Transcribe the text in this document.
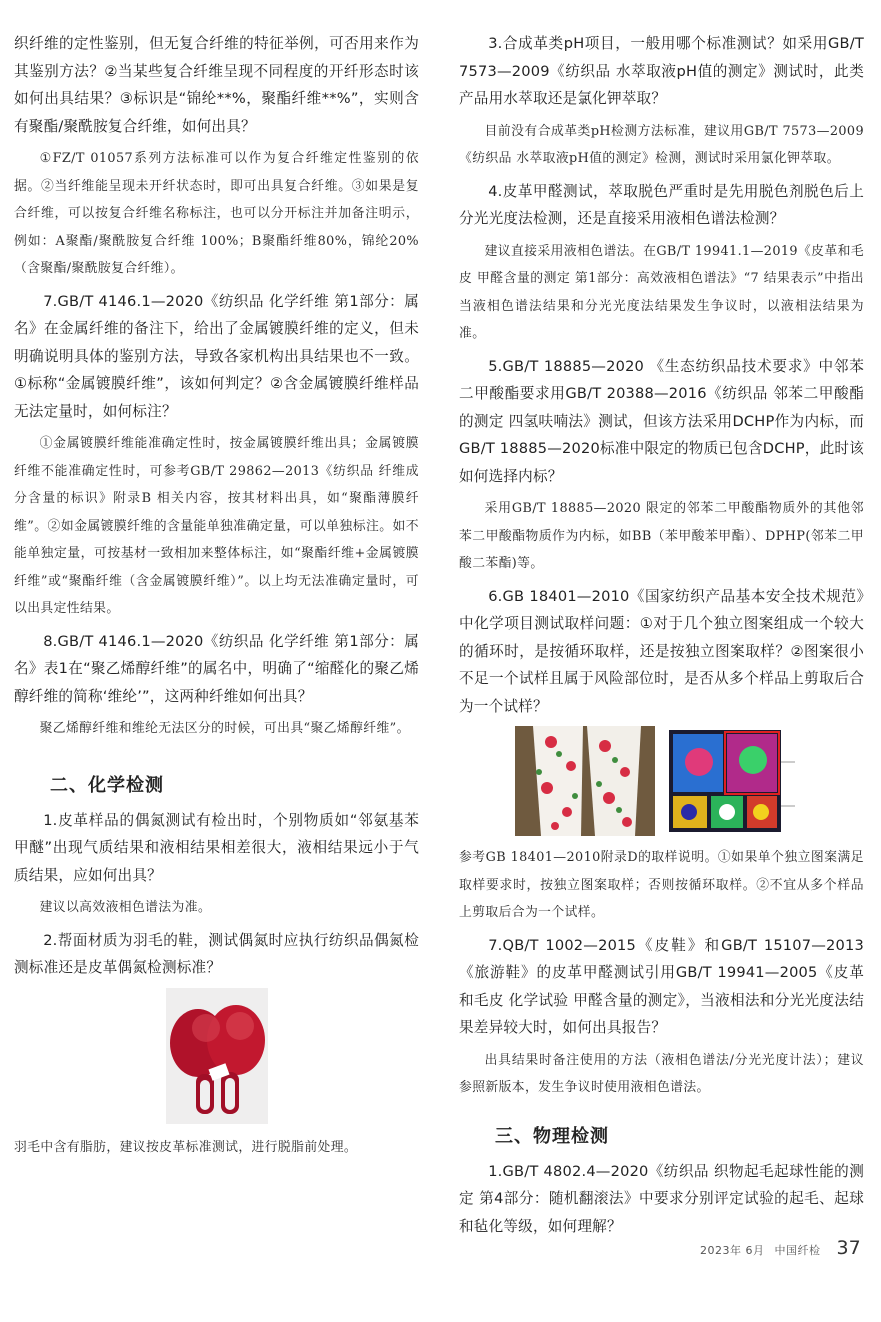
织纤维的定性鉴别，但无复合纤维的特征举例，可否用来作为其鉴别方法？②当某些复合纤维呈现不同程度的开纤形态时该如何出具结果？③标识是“锦纶**%，聚酯纤维**%”，实则含有聚酯/聚酰胺复合纤维，如何出具？

①FZ/T 01057系列方法标准可以作为复合纤维定性鉴别的依据。②当纤维能呈现未开纤状态时，即可出具复合纤维。③如果是复合纤维，可以按复合纤维名称标注，也可以分开标注并加备注明示，例如：A聚酯/聚酰胺复合纤维 100%；B聚酯纤维80%，锦纶20%（含聚酯/聚酰胺复合纤维）。

7.GB/T 4146.1—2020《纺织品 化学纤维 第1部分：属名》在金属纤维的备注下，给出了金属镀膜纤维的定义，但未明确说明具体的鉴别方法，导致各家机构出具结果也不一致。①标称“金属镀膜纤维”，该如何判定？②含金属镀膜纤维样品无法定量时，如何标注？

①金属镀膜纤维能准确定性时，按金属镀膜纤维出具；金属镀膜纤维不能准确定性时，可参考GB/T 29862—2013《纺织品 纤维成分含量的标识》附录B 相关内容，按其材料出具，如“聚酯薄膜纤维”。②如金属镀膜纤维的含量能单独准确定量，可以单独标注。如不能单独定量，可按基材一致相加来整体标注，如“聚酯纤维+金属镀膜纤维”或“聚酯纤维（含金属镀膜纤维）”。以上均无法准确定量时，可以出具定性结果。

8.GB/T 4146.1—2020《纺织品 化学纤维 第1部分：属名》表1在“聚乙烯醇纤维”的属名中，明确了“缩醛化的聚乙烯醇纤维的简称‘维纶’”，这两种纤维如何出具？

聚乙烯醇纤维和维纶无法区分的时候，可出具“聚乙烯醇纤维”。

二、化学检测

1.皮革样品的偶氮测试有检出时，个别物质如“邻氨基苯甲醚”出现气质结果和液相结果相差很大，液相结果远小于气质结果，应如何出具？

建议以高效液相色谱法为准。

2.帮面材质为羽毛的鞋，测试偶氮时应执行纺织品偶氮检测标准还是皮革偶氮检测标准？

羽毛中含有脂肪，建议按皮革标准测试，进行脱脂前处理。

3.合成革类pH项目，一般用哪个标准测试？如采用GB/T 7573—2009《纺织品 水萃取液pH值的测定》测试时，此类产品用水萃取还是氯化钾萃取？

目前没有合成革类pH检测方法标准，建议用GB/T 7573—2009《纺织品 水萃取液pH值的测定》检测，测试时采用氯化钾萃取。

4.皮革甲醛测试，萃取脱色严重时是先用脱色剂脱色后上分光光度法检测，还是直接采用液相色谱法检测？

建议直接采用液相色谱法。在GB/T 19941.1—2019《皮革和毛皮 甲醛含量的测定 第1部分：高效液相色谱法》“7 结果表示”中指出当液相色谱法结果和分光光度法结果发生争议时，以液相法结果为准。

5.GB/T 18885—2020 《生态纺织品技术要求》中邻苯二甲酸酯要求用GB/T 20388—2016《纺织品 邻苯二甲酸酯的测定 四氢呋喃法》测试，但该方法采用DCHP作为内标，而GB/T 18885—2020标准中限定的物质已包含DCHP，此时该如何选择内标？

采用GB/T 18885—2020 限定的邻苯二甲酸酯物质外的其他邻苯二甲酸酯物质作为内标，如BB（苯甲酸苯甲酯）、DPHP(邻苯二甲酸二苯酯)等。

6.GB 18401—2010《国家纺织产品基本安全技术规范》中化学项目测试取样问题：①对于几个独立图案组成一个较大的循环时，是按循环取样，还是按独立图案取样？②图案很小不足一个试样且属于风险部位时，是否从多个样品上剪取后合为一个试样？

参考GB 18401—2010附录D的取样说明。①如果单个独立图案满足取样要求时，按独立图案取样；否则按循环取样。②不宜从多个样品上剪取后合为一个试样。

7.QB/T 1002—2015《皮鞋》和GB/T 15107—2013《旅游鞋》的皮革甲醛测试引用GB/T 19941—2005《皮革和毛皮 化学试验 甲醛含量的测定》，当液相法和分光光度法结果差异较大时，如何出具报告？

出具结果时备注使用的方法（液相色谱法/分光光度计法）；建议参照新版本，发生争议时使用液相色谱法。

三、物理检测

1.GB/T 4802.4—2020《纺织品 织物起毛起球性能的测定 第4部分：随机翻滚法》中要求分别评定试验的起毛、起球和毡化等级，如何理解？

2023年 6月 中国纤检 37
